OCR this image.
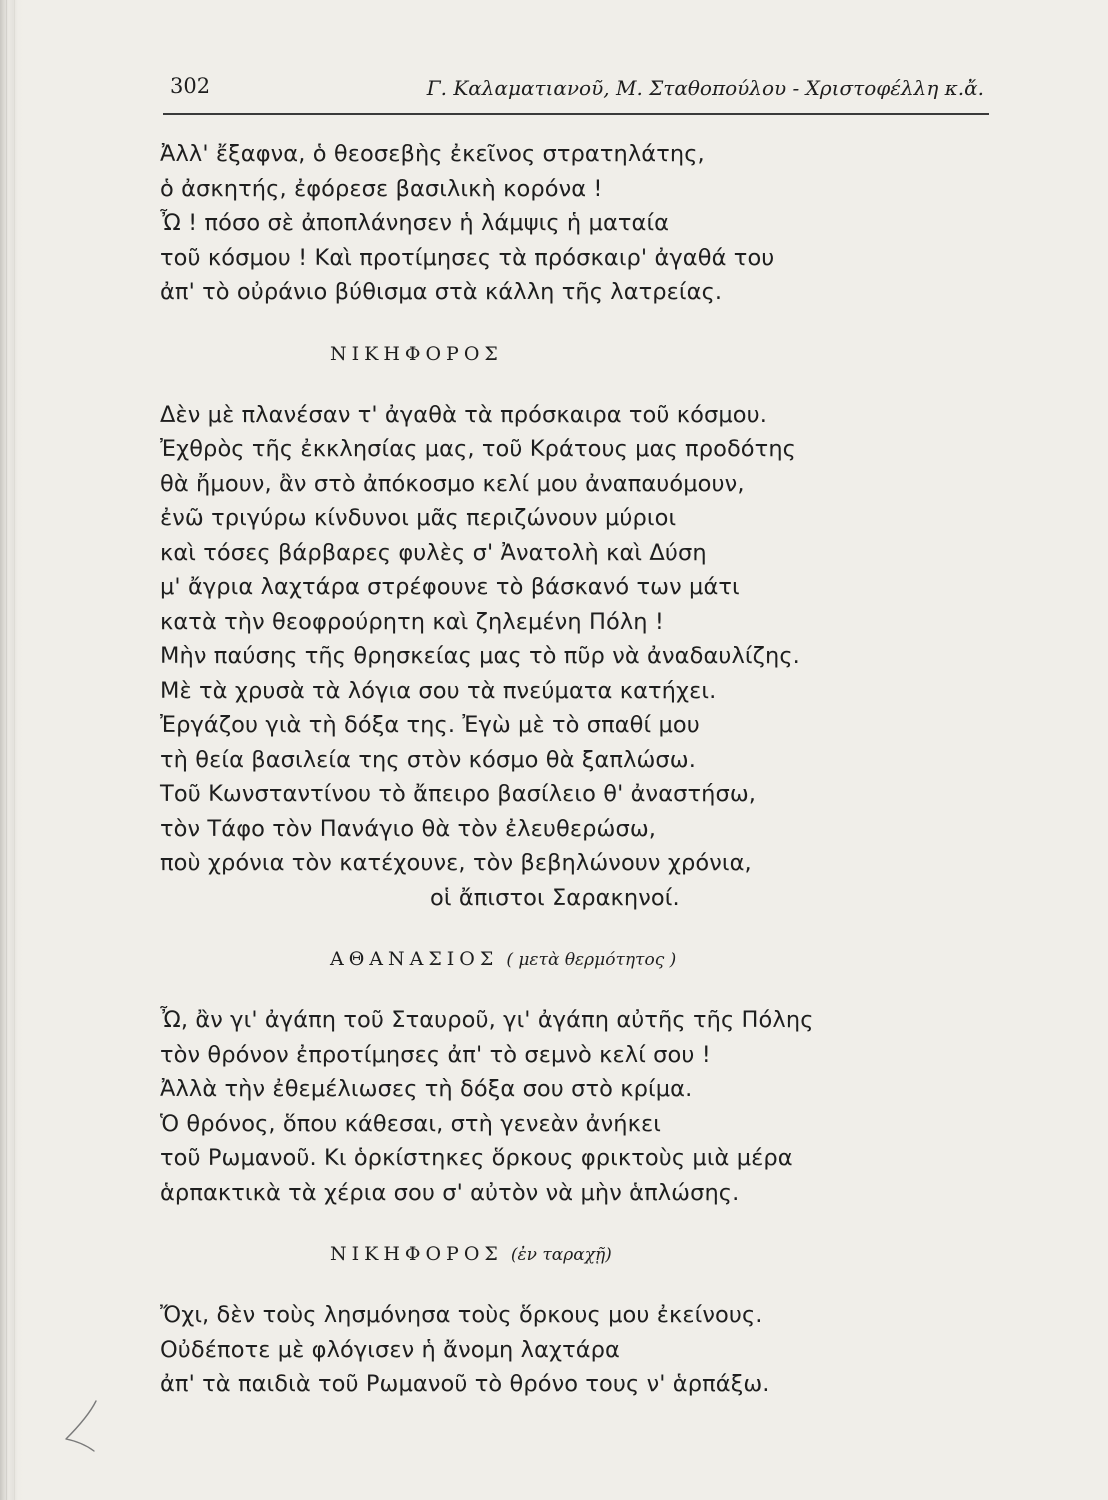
302	Γ. Καλαματιανοῦ, Μ. Σταθοπούλου - Χριστοφέλλη κ.ἄ.
Ἀλλ' ἔξαφνα, ὁ θεοσεβὴς ἐκεῖνος στρατηλάτης,
ὁ ἀσκητής, ἐφόρεσε βασιλικὴ κορόνα !
Ὦ ! πόσο σὲ ἀποπλάνησεν ἡ λάμψις ἡ ματαία
τοῦ κόσμου ! Καὶ προτίμησες τὰ πρόσκαιρ' ἀγαθά του
ἀπ' τὸ οὐράνιο βύθισμα στὰ κάλλη τῆς λατρείας.
ΝΙΚΗΦΟΡΟΣ
Δὲν μὲ πλανέσαν τ' ἀγαθὰ τὰ πρόσκαιρα τοῦ κόσμου.
Ἐχθρὸς τῆς ἐκκλησίας μας, τοῦ Κράτους μας προδότης
θὰ ἤμουν, ἂν στὸ ἀπόκοσμο κελί μου ἀναπαυόμουν,
ἐνῶ τριγύρω κίνδυνοι μᾶς περιζώνουν μύριοι
καὶ τόσες βάρβαρες φυλὲς σ' Ἀνατολὴ καὶ Δύση
μ' ἄγρια λαχτάρα στρέφουνε τὸ βάσκανό των μάτι
κατὰ τὴν θεοφρούρητη καὶ ζηλεμένη Πόλη !
Μὴν παύσης τῆς θρησκείας μας τὸ πῦρ νὰ ἀναδαυλίζης.
Μὲ τὰ χρυσὰ τὰ λόγια σου τὰ πνεύματα κατήχει.
Ἐργάζου γιὰ τὴ δόξα της. Ἐγὼ μὲ τὸ σπαθί μου
τὴ θεία βασιλεία της στὸν κόσμο θὰ ξαπλώσω.
Τοῦ Κωνσταντίνου τὸ ἄπειρο βασίλειο θ' ἀναστήσω,
τὸν Τάφο τὸν Πανάγιο θὰ τὸν ἐλευθερώσω,
ποὺ χρόνια τὸν κατέχουνε, τὸν βεβηλώνουν χρόνια,
οἱ ἄπιστοι Σαρακηνοί.
ΑΘΑΝΑΣΙΟΣ ( μετὰ θερμότητος )
Ὦ, ἂν γι' ἀγάπη τοῦ Σταυροῦ, γι' ἀγάπη αὐτῆς τῆς Πόλης
τὸν θρόνον ἐπροτίμησες ἀπ' τὸ σεμνὸ κελί σου !
Ἀλλὰ τὴν ἐθεμέλιωσες τὴ δόξα σου στὸ κρίμα.
Ὁ θρόνος, ὅπου κάθεσαι, στὴ γενεὰν ἀνήκει
τοῦ Ρωμανοῦ. Κι ὁρκίστηκες ὅρκους φρικτοὺς μιὰ μέρα
ἁρπακτικὰ τὰ χέρια σου σ' αὐτὸν νὰ μὴν ἁπλώσης.
ΝΙΚΗΦΟΡΟΣ (ἐν ταραχῇ)
Ὄχι, δὲν τοὺς λησμόνησα τοὺς ὅρκους μου ἐκείνους.
Οὐδέποτε μὲ φλόγισεν ἡ ἄνομη λαχτάρα
ἀπ' τὰ παιδιὰ τοῦ Ρωμανοῦ τὸ θρόνο τους ν' ἁρπάξω.
